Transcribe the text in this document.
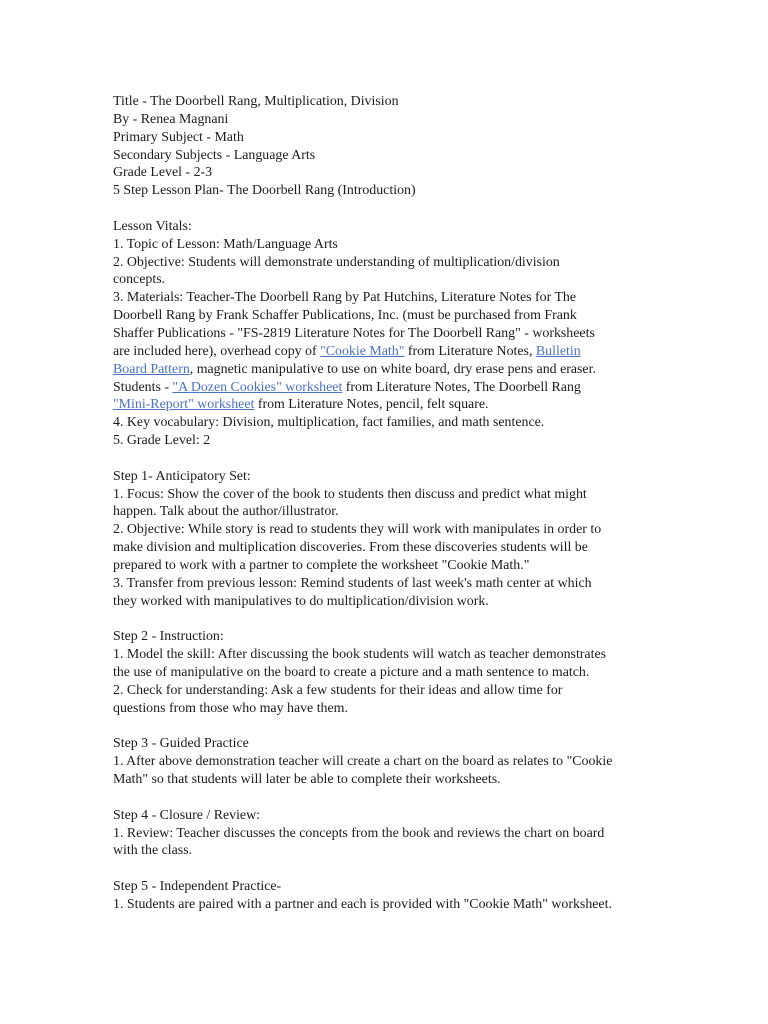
Title - The Doorbell Rang, Multiplication, Division
By - Renea Magnani
Primary Subject - Math
Secondary Subjects - Language Arts
Grade Level - 2-3
5 Step Lesson Plan- The Doorbell Rang (Introduction)
Lesson Vitals:
1. Topic of Lesson: Math/Language Arts
2. Objective: Students will demonstrate understanding of multiplication/division
concepts.
3. Materials: Teacher-The Doorbell Rang by Pat Hutchins, Literature Notes for The
Doorbell Rang by Frank Schaffer Publications, Inc. (must be purchased from Frank
Shaffer Publications - "FS-2819 Literature Notes for The Doorbell Rang" - worksheets
are included here), overhead copy of "Cookie Math" from Literature Notes, Bulletin
Board Pattern, magnetic manipulative to use on white board, dry erase pens and eraser.
Students - "A Dozen Cookies" worksheet from Literature Notes, The Doorbell Rang
"Mini-Report" worksheet from Literature Notes, pencil, felt square.
4. Key vocabulary: Division, multiplication, fact families, and math sentence.
5. Grade Level: 2
Step 1- Anticipatory Set:
1. Focus: Show the cover of the book to students then discuss and predict what might
happen. Talk about the author/illustrator.
2. Objective: While story is read to students they will work with manipulates in order to
make division and multiplication discoveries. From these discoveries students will be
prepared to work with a partner to complete the worksheet "Cookie Math."
3. Transfer from previous lesson: Remind students of last week's math center at which
they worked with manipulatives to do multiplication/division work.
Step 2 - Instruction:
1. Model the skill: After discussing the book students will watch as teacher demonstrates
the use of manipulative on the board to create a picture and a math sentence to match.
2. Check for understanding: Ask a few students for their ideas and allow time for
questions from those who may have them.
Step 3 - Guided Practice
1. After above demonstration teacher will create a chart on the board as relates to "Cookie
Math" so that students will later be able to complete their worksheets.
Step 4 - Closure / Review:
1. Review: Teacher discusses the concepts from the book and reviews the chart on board
with the class.
Step 5 - Independent Practice-
1. Students are paired with a partner and each is provided with "Cookie Math" worksheet.
